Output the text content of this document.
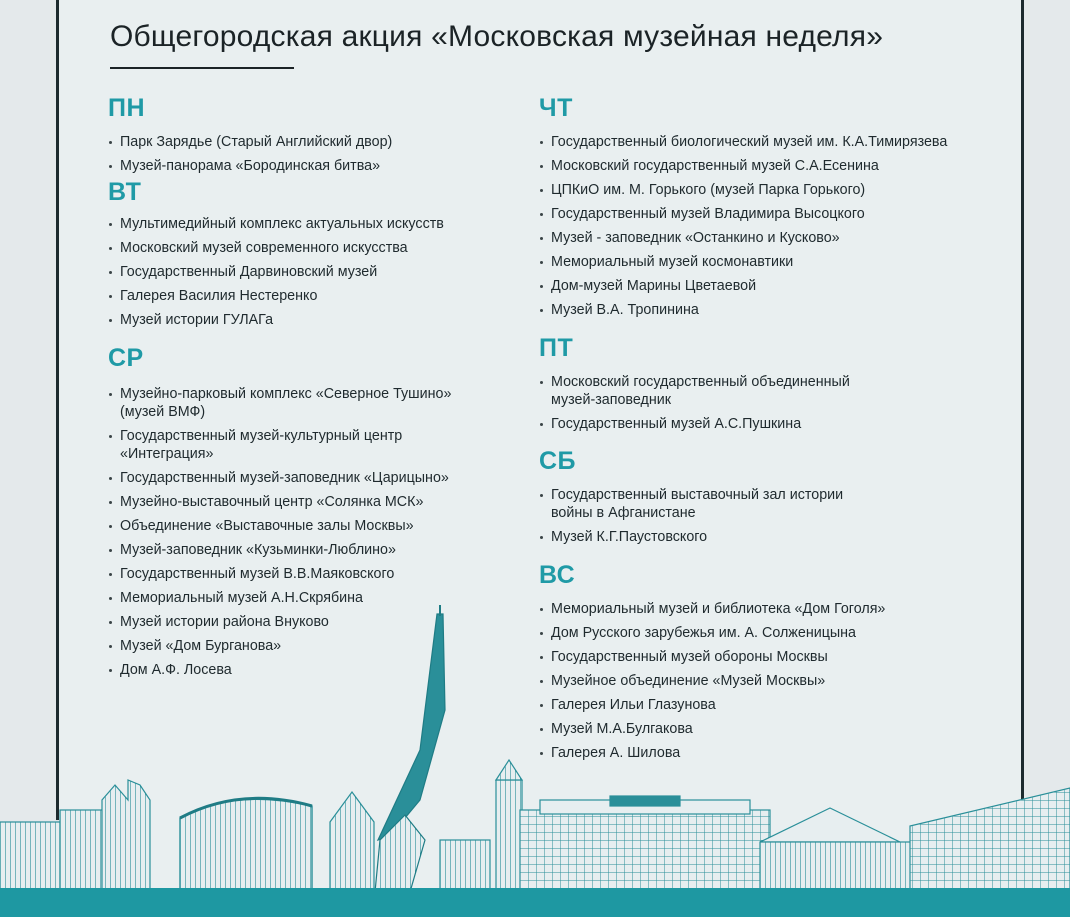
Общегородская акция «Московская музейная неделя»
ПН
Парк Зарядье (Старый Английский двор)
Музей-панорама «Бородинская битва»
ВТ
Мультимедийный комплекс актуальных искусств
Московский музей современного искусства
Государственный Дарвиновский музей
Галерея Василия Нестеренко
Музей истории ГУЛАГа
СР
Музейно-парковый комплекс «Северное Тушино» (музей ВМФ)
Государственный музей-культурный центр «Интеграция»
Государственный музей-заповедник «Царицыно»
Музейно-выставочный центр «Солянка МСК»
Объединение «Выставочные залы Москвы»
Музей-заповедник «Кузьминки-Люблино»
Государственный музей В.В.Маяковского
Мемориальный музей А.Н.Скрябина
Музей истории района Внуково
Музей «Дом Бурганова»
Дом А.Ф. Лосева
ЧТ
Государственный биологический музей им. К.А.Тимирязева
Московский государственный музей С.А.Есенина
ЦПКиО им. М. Горького (музей Парка Горького)
Государственный музей Владимира Высоцкого
Музей - заповедник «Останкино и Кусково»
Мемориальный музей космонавтики
Дом-музей Марины Цветаевой
Музей В.А. Тропинина
ПТ
Московский государственный объединенный музей-заповедник
Государственный музей А.С.Пушкина
СБ
Государственный выставочный зал истории войны в Афганистане
Музей К.Г.Паустовского
ВС
Мемориальный музей и библиотека «Дом Гоголя»
Дом Русского зарубежья им. А. Солженицына
Государственный музей обороны Москвы
Музейное объединение «Музей Москвы»
Галерея Ильи Глазунова
Музей М.А.Булгакова
Галерея А. Шилова
